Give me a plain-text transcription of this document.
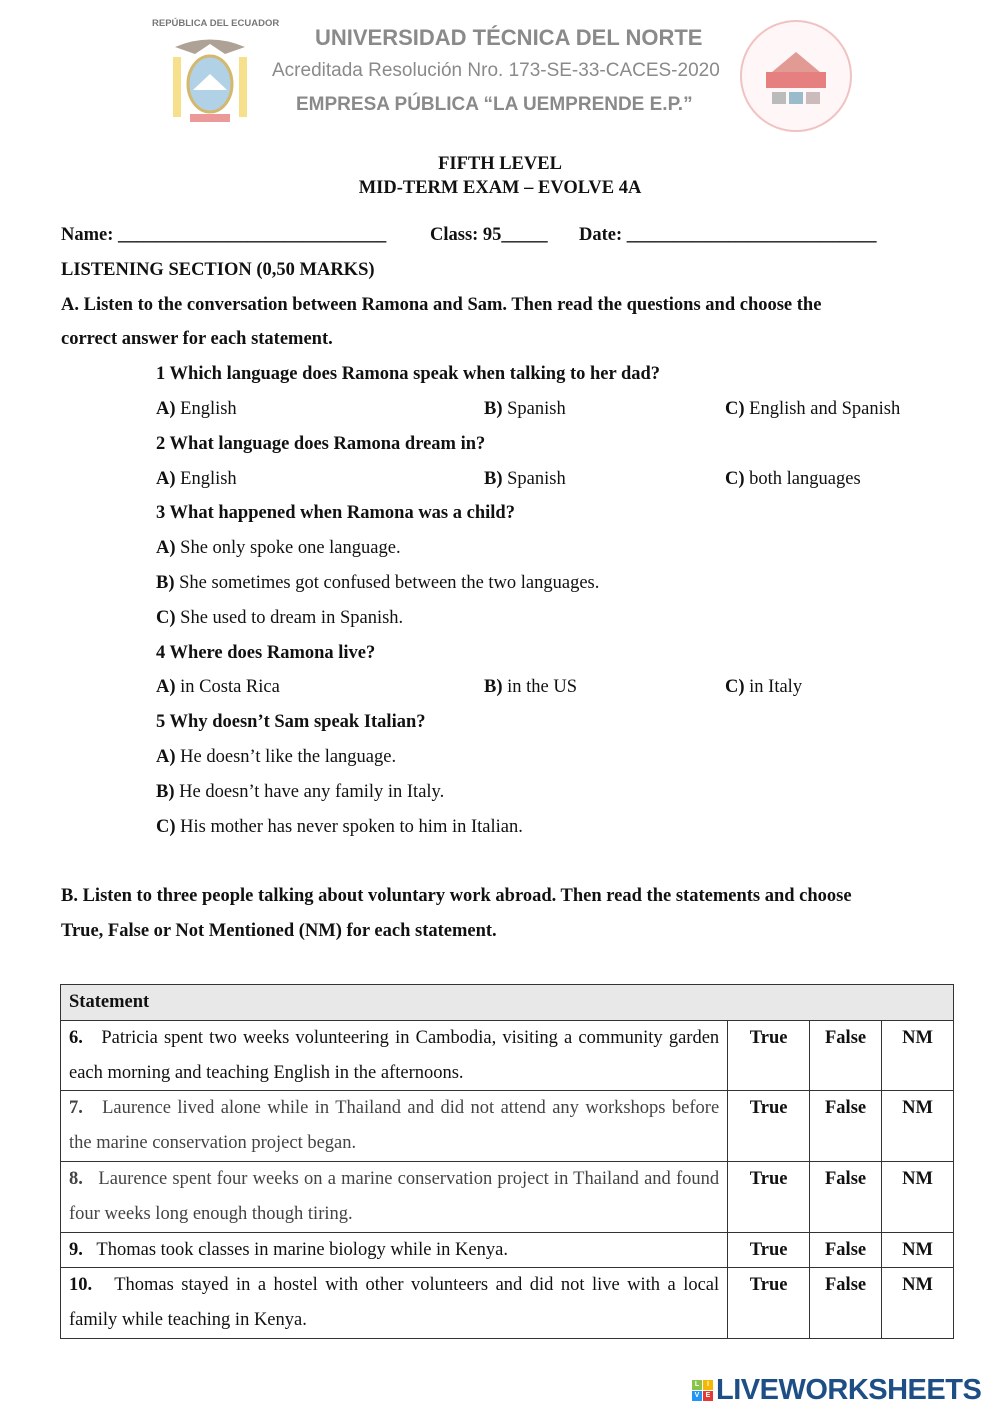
REPÚBLICA DEL ECUADOR
UNIVERSIDAD TÉCNICA DEL NORTE
Acreditada Resolución Nro. 173-SE-33-CACES-2020
EMPRESA PÚBLICA “LA UEMPRENDE E.P.”
FIFTH LEVEL
MID-TERM EXAM – EVOLVE 4A
Name: _____________________________ Class: 95_____ Date: ___________________________
LISTENING SECTION (0,50 MARKS)
A. Listen to the conversation between Ramona and Sam. Then read the questions and choose the
correct answer for each statement.
1 Which language does Ramona speak when talking to her dad?
A) English	B) Spanish	C) English and Spanish
2 What language does Ramona dream in?
A) English	B) Spanish	C) both languages
3 What happened when Ramona was a child?
A) She only spoke one language.
B) She sometimes got confused between the two languages.
C) She used to dream in Spanish.
4 Where does Ramona live?
A) in Costa Rica	B) in the US	C) in Italy
5 Why doesn’t Sam speak Italian?
A) He doesn’t like the language.
B) He doesn’t have any family in Italy.
C) His mother has never spoken to him in Italian.
B. Listen to three people talking about voluntary work abroad. Then read the statements and choose
True, False or Not Mentioned (NM) for each statement.
Statement			
6. Patricia spent two weeks volunteering in Cambodia, visiting a community garden each morning and teaching English in the afternoons.	True	False	NM
7. Laurence lived alone while in Thailand and did not attend any workshops before the marine conservation project began.	True	False	NM
8. Laurence spent four weeks on a marine conservation project in Thailand and found four weeks long enough though tiring.	True	False	NM
9. Thomas took classes in marine biology while in Kenya.	True	False	NM
10. Thomas stayed in a hostel with other volunteers and did not live with a local family while teaching in Kenya.	True	False	NM
L	I
V E LIVEWORKSHEETS
